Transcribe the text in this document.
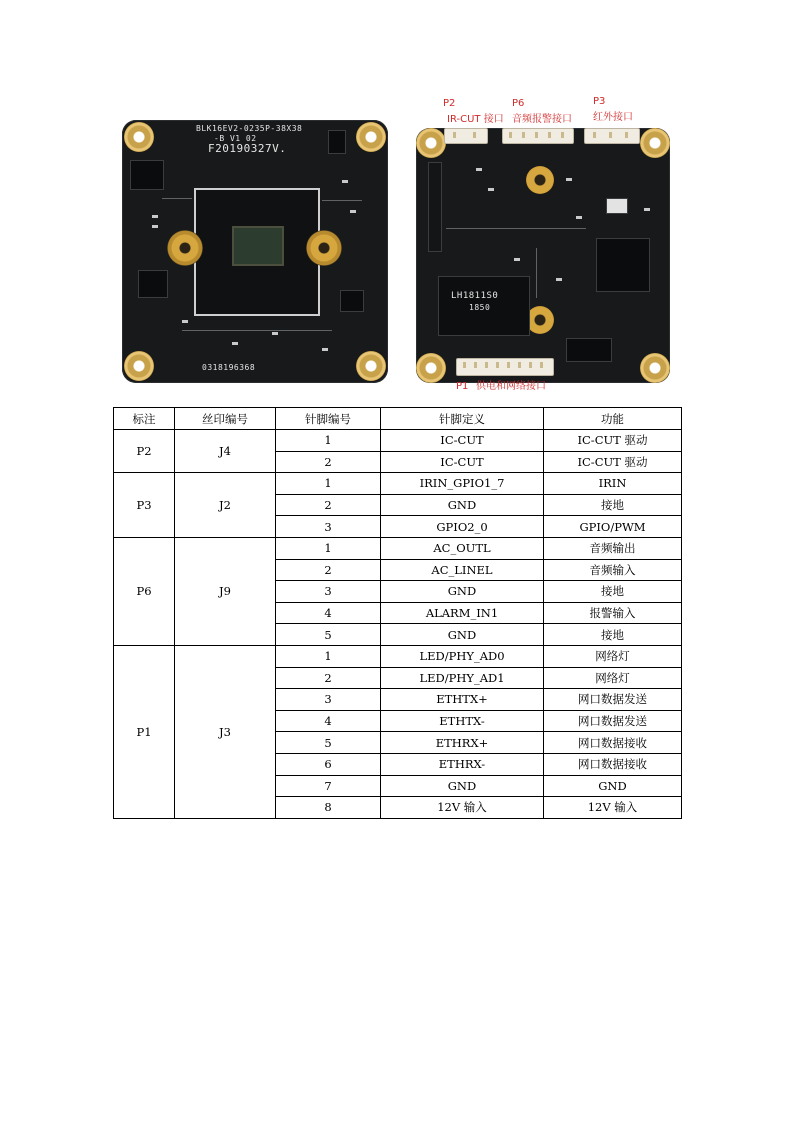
BLK16EV2-0235P-38X38
-B V1 02
F20190327V.
0318196368
LH1811S0
1850
P2
IR-CUT 接口
P6
音频报警接口
P3
红外接口
P1 供电和网络接口
标注	丝印编号	针脚编号	针脚定义	功能
P2	J4	1	IC-CUT	IC-CUT 驱动
		2	IC-CUT	IC-CUT 驱动
P3	J2	1	IRIN_GPIO1_7	IRIN
		2	GND	接地
		3	GPIO2_0	GPIO/PWM
P6	J9	1	AC_OUTL	音频输出
		2	AC_LINEL	音频输入
		3	GND	接地
		4	ALARM_IN1	报警输入
		5	GND	接地
P1	J3	1	LED/PHY_AD0	网络灯
		2	LED/PHY_AD1	网络灯
		3	ETHTX+	网口数据发送
		4	ETHTX-	网口数据发送
		5	ETHRX+	网口数据接收
		6	ETHRX-	网口数据接收
		7	GND	GND
		8	12V 输入	12V 输入
